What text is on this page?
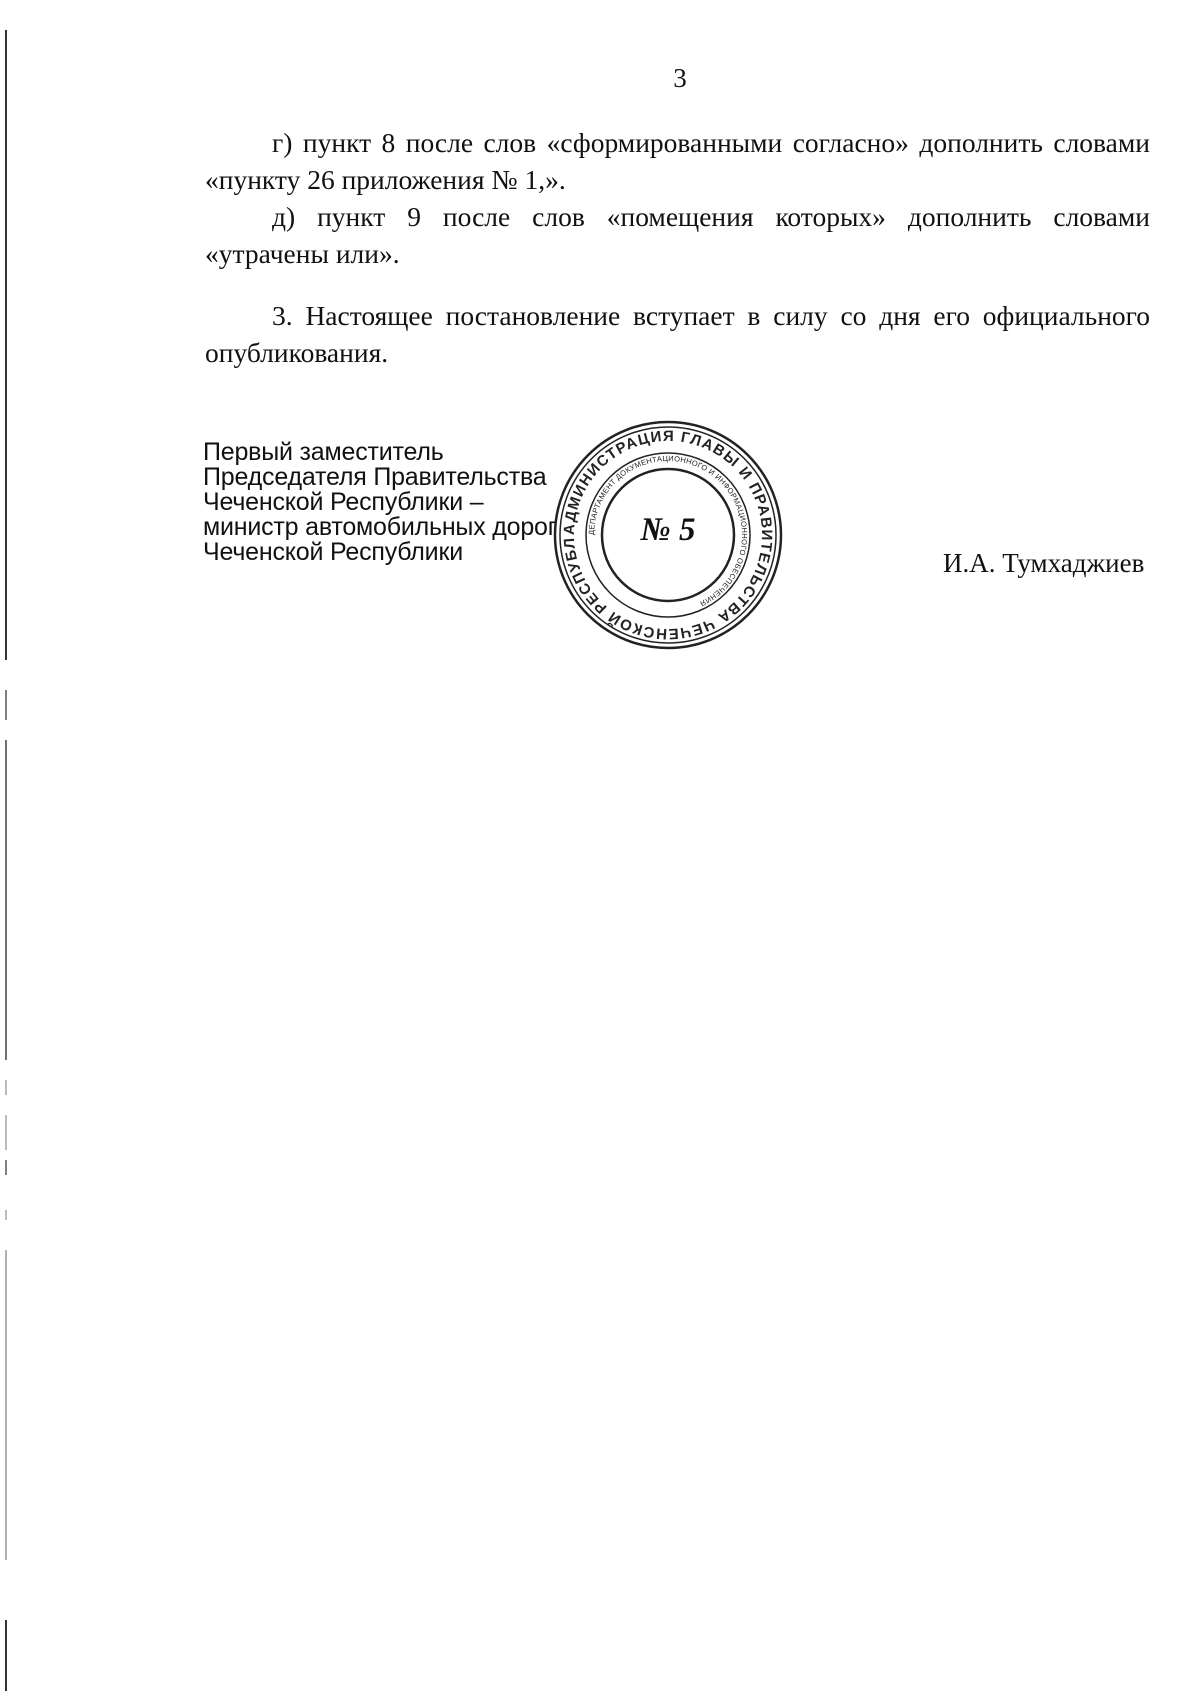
3

г) пункт 8 после слов «сформированными согласно» дополнить словами «пункту 26 приложения № 1,».

д) пункт 9 после слов «помещения которых» дополнить словами «утрачены или».

3. Настоящее постановление вступает в силу со дня его официального опубликования.

Первый заместитель
Председателя Правительства
Чеченской Республики –
министр автомобильных дорог
Чеченской Республики
АДМИНИСТРАЦИЯ ГЛАВЫ И ПРАВИТЕЛЬСТВА ЧЕЧЕНСКОЙ РЕСПУБЛ
ДЕПАРТАМЕНТ ДОКУМЕНТАЦИОННОГО И ИНФОРМАЦИОННОГО ОБЕСПЕЧЕНИЯ
№ 5
И.А. Тумхаджиев
